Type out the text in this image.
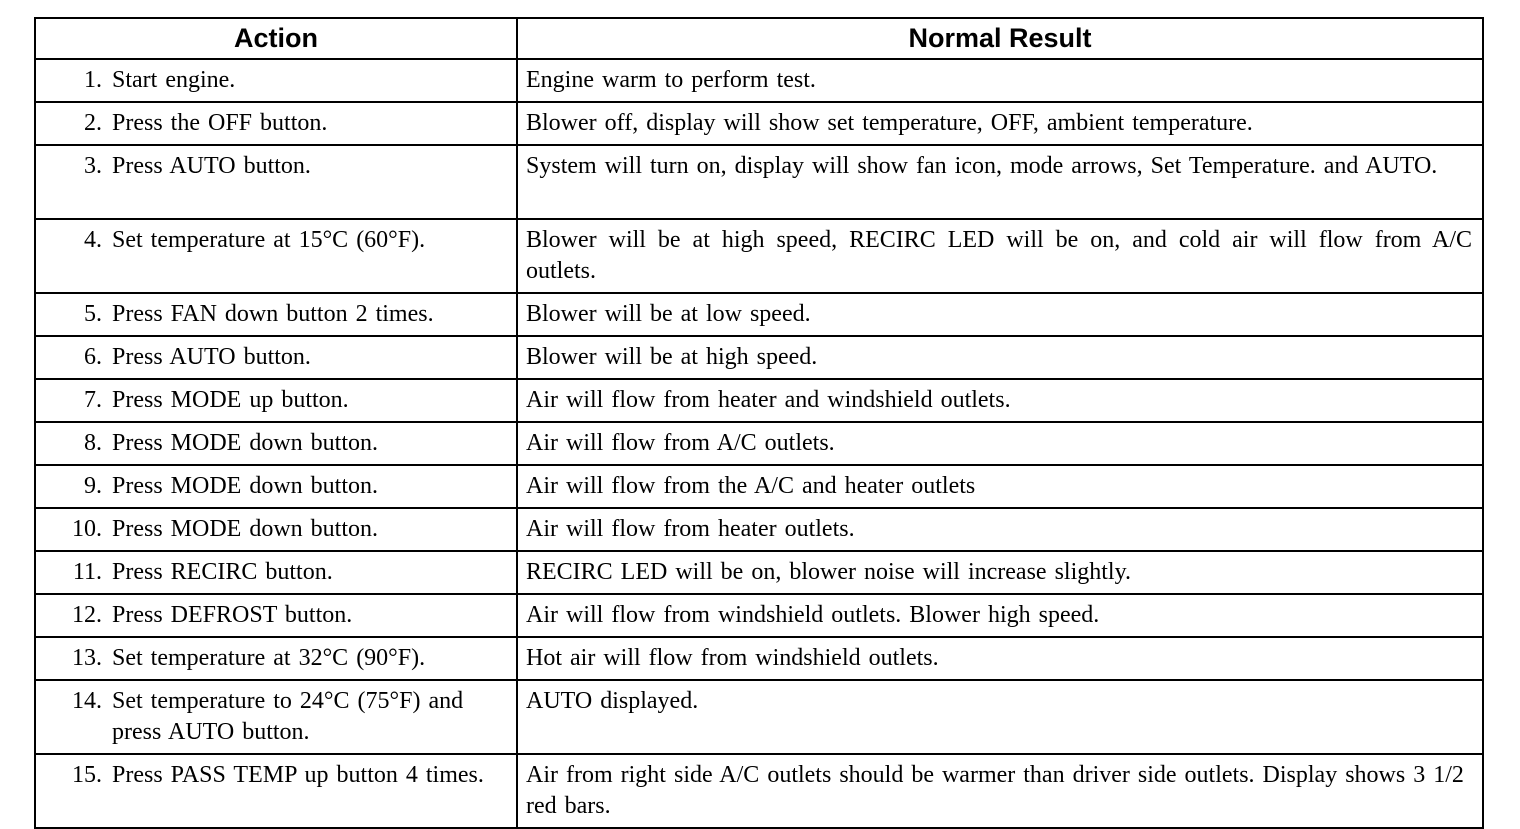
Action	Normal Result

1. Start engine.	Engine warm to perform test.

2. Press the OFF button.	Blower off, display will show set temperature, OFF, ambient temperature.

3. Press AUTO button.	System will turn on, display will show fan icon, mode arrows, Set Temperature. and AUTO.

4. Set temperature at 15°C (60°F).	Blower will be at high speed, RECIRC LED will be on, and cold air will flow from A/C outlets.

5. Press FAN down button 2 times.	Blower will be at low speed.

6. Press AUTO button.	Blower will be at high speed.

7. Press MODE up button.	Air will flow from heater and windshield outlets.

8. Press MODE down button.	Air will flow from A/C outlets.

9. Press MODE down button.	Air will flow from the A/C and heater outlets

10. Press MODE down button.	Air will flow from heater outlets.

11. Press RECIRC button.	RECIRC LED will be on, blower noise will increase slightly.

12. Press DEFROST button.	Air will flow from windshield outlets. Blower high speed.

13. Set temperature at 32°C (90°F).	Hot air will flow from windshield outlets.

14. Set temperature to 24°C (75°F) and press AUTO button.	AUTO displayed.

15. Press PASS TEMP up button 4 times.	Air from right side A/C outlets should be warmer than driver side outlets. Display shows 3 1/2 red bars.
